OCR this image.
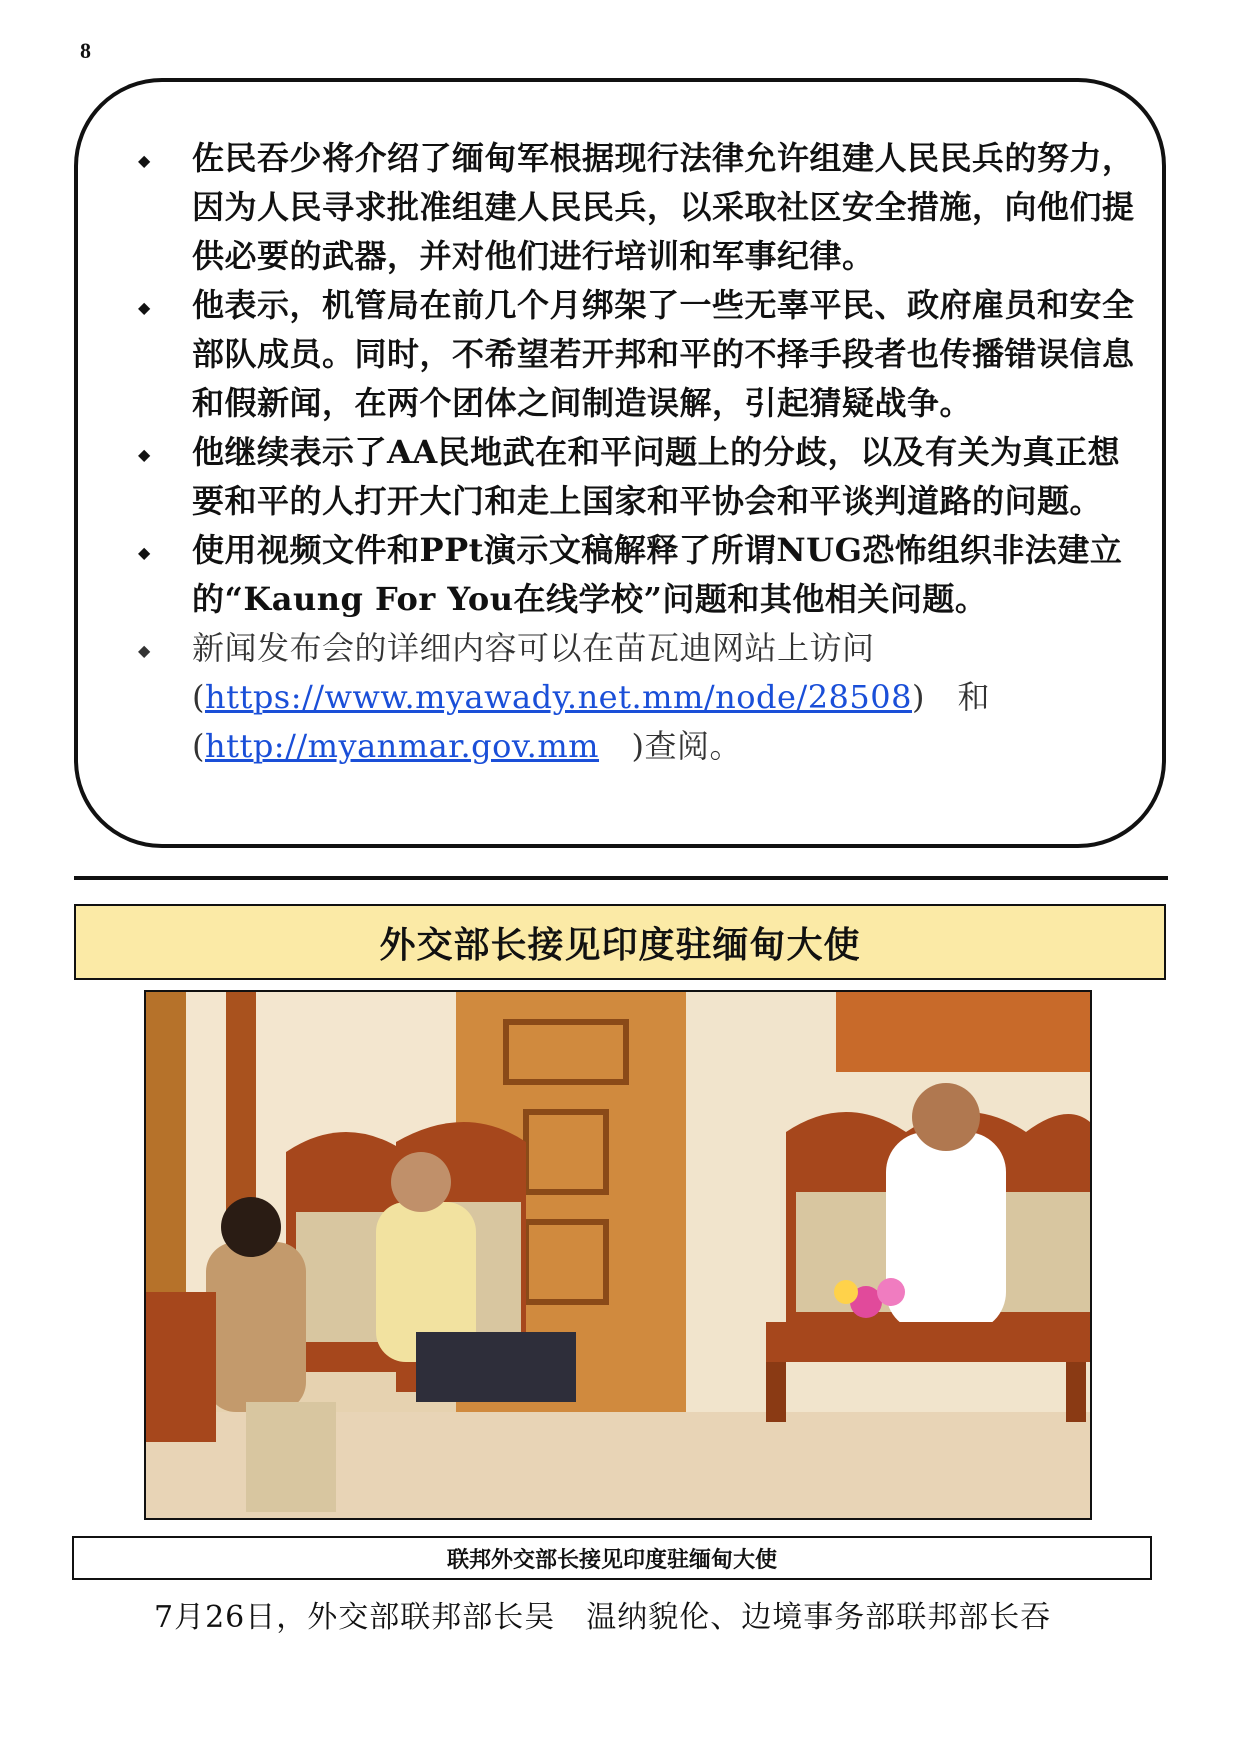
8
◆ 佐民吞少将介绍了缅甸军根据现行法律允许组建人民民兵的努力，因为人民寻求批准组建人民民兵，以采取社区安全措施，向他们提供必要的武器，并对他们进行培训和军事纪律。
◆ 他表示，机管局在前几个月绑架了一些无辜平民、政府雇员和安全部队成员。同时，不希望若开邦和平的不择手段者也传播错误信息和假新闻，在两个团体之间制造误解，引起猜疑战争。
◆ 他继续表示了AA民地武在和平问题上的分歧，以及有关为真正想要和平的人打开大门和走上国家和平协会和平谈判道路的问题。
◆ 使用视频文件和PPt演示文稿解释了所谓NUG恐怖组织非法建立的“Kaung For You在线学校”问题和其他相关问题。
◆ 新闻发布会的详细内容可以在苗瓦迪网站上访问(https://www.myawady.net.mm/node/28508)　和(http://myanmar.gov.mm　)查阅。
外交部长接见印度驻缅甸大使
联邦外交部长接见印度驻缅甸大使
7月26日，外交部联邦部长吴　温纳貌伦、边境事务部联邦部长吞
